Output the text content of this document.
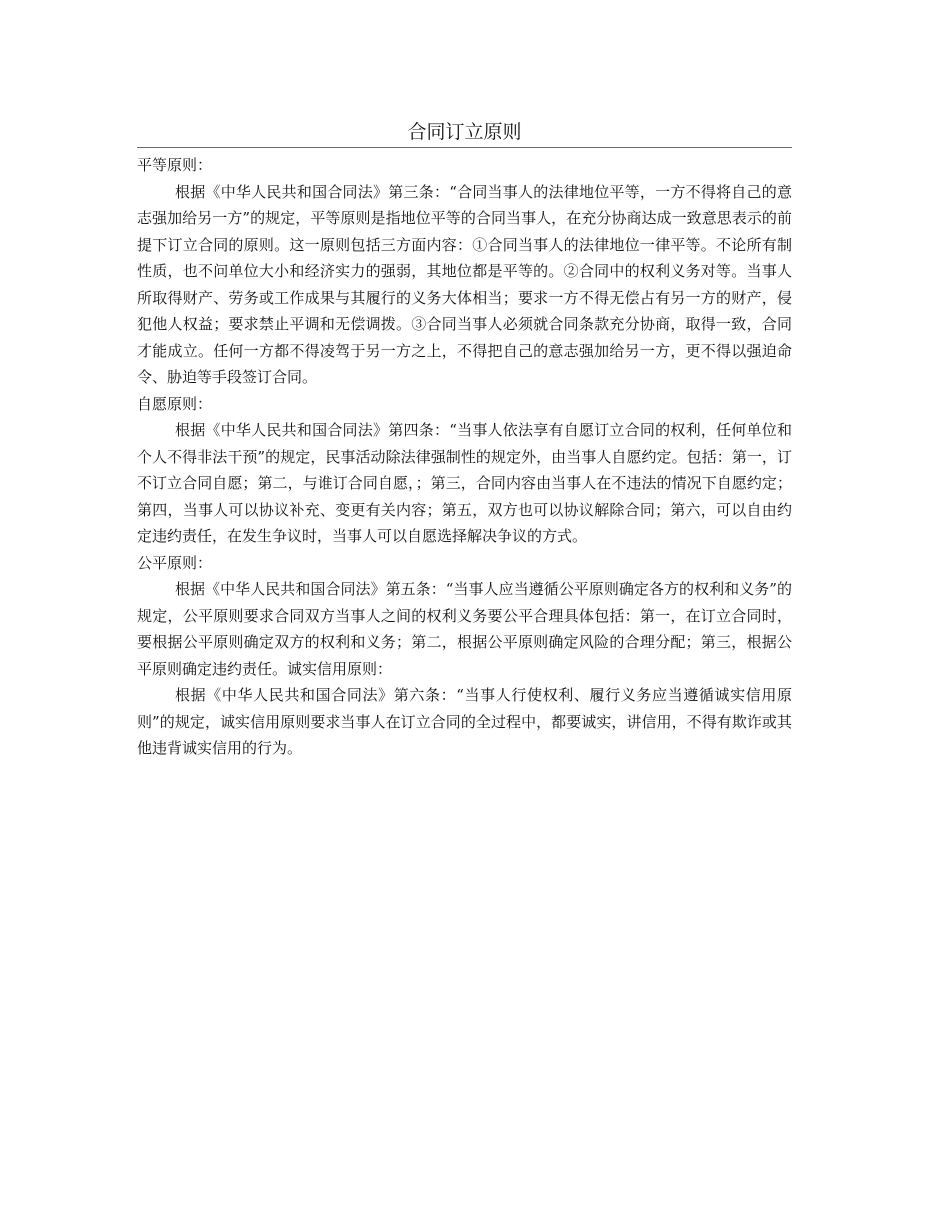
合同订立原则

平等原则：

根据《中华人民共和国合同法》第三条：“合同当事人的法律地位平等，一方不得将自己的意志强加给另一方”的规定，平等原则是指地位平等的合同当事人，在充分协商达成一致意思表示的前提下订立合同的原则。这一原则包括三方面内容：①合同当事人的法律地位一律平等。不论所有制性质，也不问单位大小和经济实力的强弱，其地位都是平等的。②合同中的权利义务对等。当事人所取得财产、劳务或工作成果与其履行的义务大体相当；要求一方不得无偿占有另一方的财产，侵犯他人权益；要求禁止平调和无偿调拨。③合同当事人必须就合同条款充分协商，取得一致，合同才能成立。任何一方都不得凌驾于另一方之上，不得把自己的意志强加给另一方，更不得以强迫命令、胁迫等手段签订合同。

自愿原则：

根据《中华人民共和国合同法》第四条：“当事人依法享有自愿订立合同的权利，任何单位和个人不得非法干预”的规定，民事活动除法律强制性的规定外，由当事人自愿约定。包括：第一，订不订立合同自愿；第二，与谁订合同自愿，；第三，合同内容由当事人在不违法的情况下自愿约定；第四，当事人可以协议补充、变更有关内容；第五，双方也可以协议解除合同；第六，可以自由约定违约责任，在发生争议时，当事人可以自愿选择解决争议的方式。

公平原则：

根据《中华人民共和国合同法》第五条：“当事人应当遵循公平原则确定各方的权利和义务”的规定，公平原则要求合同双方当事人之间的权利义务要公平合理具体包括：第一，在订立合同时，要根据公平原则确定双方的权利和义务；第二，根据公平原则确定风险的合理分配；第三，根据公平原则确定违约责任。诚实信用原则：

根据《中华人民共和国合同法》第六条：“当事人行使权利、履行义务应当遵循诚实信用原则”的规定，诚实信用原则要求当事人在订立合同的全过程中，都要诚实，讲信用，不得有欺诈或其他违背诚实信用的行为。
